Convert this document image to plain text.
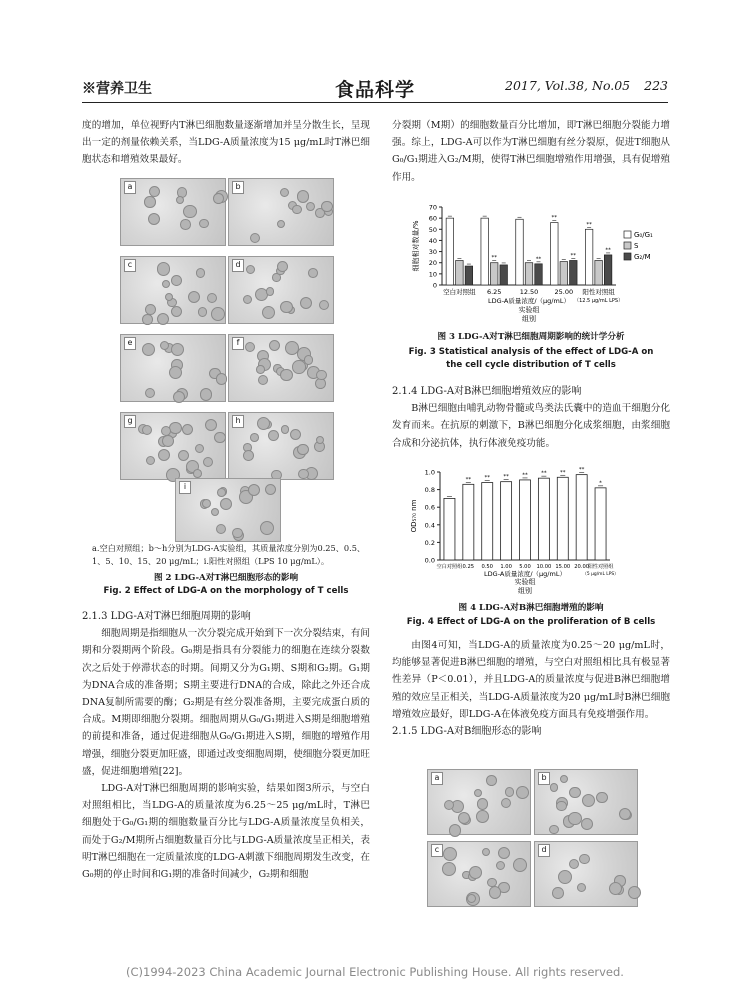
※营养卫生	食品科学	2017, Vol.38, No.05 223

度的增加，单位视野内T淋巴细胞数量逐渐增加并呈分散生长，呈现出一定的剂量依赖关系，当LDG-A质量浓度为15 μg/mL时T淋巴细胞状态和增殖效果最好。

a	b
c	d
e	f
g	h
i
a.空白对照组；b～h分别为LDG-A实验组，其质量浓度分别为0.25、0.5、1、5、10、15、20 μg/mL；i.阳性对照组（LPS 10 μg/mL）。
图 2 LDG-A对T淋巴细胞形态的影响
Fig. 2 Effect of LDG-A on the morphology of T cells

2.1.3 LDG-A对T淋巴细胞周期的影响

细胞周期是指细胞从一次分裂完成开始到下一次分裂结束，有间期和分裂期两个阶段。G₀期是指具有分裂能力的细胞在连续分裂数次之后处于停滞状态的时期。间期又分为G₁期、S期和G₂期。G₁期为DNA合成的准备期；S期主要进行DNA的合成，除此之外还合成DNA复制所需要的酶；G₂期是有丝分裂准备期，主要完成蛋白质的合成。M期即细胞分裂期。细胞周期从G₀/G₁期进入S期是细胞增殖的前提和准备，通过促进细胞从G₀/G₁期进入S期，细胞的增殖作用增强，细胞分裂更加旺盛，即通过改变细胞周期，使细胞分裂更加旺盛，促进细胞增殖[22]。

LDG-A对T淋巴细胞周期的影响实验，结果如图3所示，与空白对照组相比，当LDG-A的质量浓度为6.25～25 μg/mL时，T淋巴细胞处于G₀/G₁期的细胞数量百分比与LDG-A质量浓度呈负相关，而处于G₂/M期所占细胞数量百分比与LDG-A质量浓度呈正相关，表明T淋巴细胞在一定质量浓度的LDG-A刺激下细胞周期发生改变，在G₀期的停止时间和G₁期的准备时间减少，G₂期和细胞

分裂期（M期）的细胞数量百分比增加，即T淋巴细胞分裂能力增强。综上，LDG-A可以作为T淋巴细胞有丝分裂原，促进T细胞从G₀/G₁期进入G₂/M期，使得T淋巴细胞增殖作用增强，具有促增殖作用。

0
10
20
30
40
50
60
70
细胞相对数量/%
空白对照组
**
6.25
**
12.50
**
**
25.00
**
**
阳性对照组
（12.5 μg/mL LPS）
LDG-A质量浓度/（μg/mL）
实验组
组别
G₀/G₁
S
G₂/M
图 3 LDG-A对T淋巴细胞周期影响的统计学分析
Fig. 3 Statistical analysis of the effect of LDG-A on the cell cycle distribution of T cells

2.1.4 LDG-A对B淋巴细胞增殖效应的影响

B淋巴细胞由哺乳动物骨髓或鸟类法氏囊中的造血干细胞分化发育而来。在抗原的刺激下，B淋巴细胞分化成浆细胞，由浆细胞合成和分泌抗体，执行体液免疫功能。

0.0
0.2
0.4
0.6
0.8
1.0
OD₅₇₀ nm
空白对照组
**
0.25
**
0.50
**
1.00
**
5.00
**
10.00
**
15.00
**
20.00
*
阳性对照组
（5 μg/mL LPS）
LDG-A质量浓度/（μg/mL）
实验组
组别
图 4 LDG-A对B淋巴细胞增殖的影响
Fig. 4 Effect of LDG-A on the proliferation of B cells

由图4可知，当LDG-A的质量浓度为0.25～20 μg/mL时，均能够显著促进B淋巴细胞的增殖，与空白对照组相比具有极显著性差异（P＜0.01），并且LDG-A的质量浓度与促进B淋巴细胞增殖的效应呈正相关，当LDG-A质量浓度为20 μg/mL时B淋巴细胞增殖效应最好，即LDG-A在体液免疫方面具有免疫增强作用。

2.1.5 LDG-A对B细胞形态的影响

a	b
c	d
(C)1994-2023 China Academic Journal Electronic Publishing House. All rights reserved.
